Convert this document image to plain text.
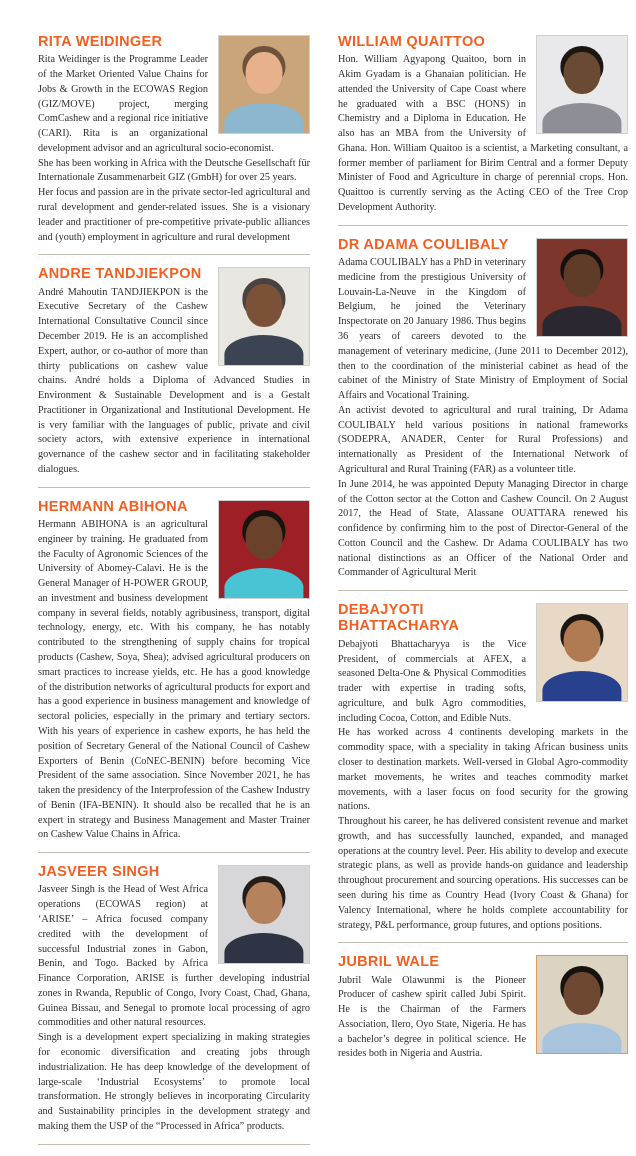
RITA WEIDINGER

Rita Weidinger is the Programme Leader of the Market Oriented Value Chains for Jobs & Growth in the ECOWAS Region (GIZ/MOVE) project, merging ComCashew and a regional rice initiative (CARI). Rita is an organizational development advisor and an agricultural socio-economist.

She has been working in Africa with the Deutsche Gesellschaft für Internationale Zusammenarbeit GIZ (GmbH) for over 25 years.

Her focus and passion are in the private sector-led agricultural and rural development and gender-related issues. She is a visionary leader and practitioner of pre-competitive private-public alliances and (youth) employment in agriculture and rural development

ANDRE TANDJIEKPON

André Mahoutin TANDJIEKPON is the Executive Secretary of the Cashew International Consultative Council since December 2019. He is an accomplished Expert, author, or co-author of more than thirty publications on cashew value chains. André holds a Diploma of Advanced Studies in Environment & Sustainable Development and is a Gestalt Practitioner in Organizational and Institutional Development. He is very familiar with the languages of public, private and civil society actors, with extensive experience in international governance of the cashew sector and in facilitating stakeholder dialogues.

HERMANN ABIHONA

Hermann ABIHONA is an agricultural engineer by training. He graduated from the Faculty of Agronomic Sciences of the University of Abomey-Calavi. He is the General Manager of H-POWER GROUP, an investment and business development company in several fields, notably agribusiness, transport, digital technology, energy, etc. With his company, he has notably contributed to the strengthening of supply chains for tropical products (Cashew, Soya, Shea); advised agricultural producers on smart practices to increase yields, etc. He has a good knowledge of the distribution networks of agricultural products for export and has a good experience in business management and knowledge of sectoral policies, especially in the primary and tertiary sectors. With his years of experience in cashew exports, he has held the position of Secretary General of the National Council of Cashew Exporters of Benin (CoNEC-BENIN) before becoming Vice President of the same association. Since November 2021, he has taken the presidency of the Interprofession of the Cashew Industry of Benin (IFA-BENIN). It should also be recalled that he is an expert in strategy and Business Management and Master Trainer on Cashew Value Chains in Africa.

JASVEER SINGH

Jasveer Singh is the Head of West Africa operations (ECOWAS region) at ‘ARISE’ – Africa focused company credited with the development of successful Industrial zones in Gabon, Benin, and Togo. Backed by Africa Finance Corporation, ARISE is further developing industrial zones in Rwanda, Republic of Congo, Ivory Coast, Chad, Ghana, Guinea Bissau, and Senegal to promote local processing of agro commodities and other natural resources.

Singh is a development expert specializing in making strategies for economic diversification and creating jobs through industrialization. He has deep knowledge of the development of large-scale ‘Industrial Ecosystems’ to promote local transformation. He strongly believes in incorporating Circularity and Sustainability principles in the development strategy and making them the USP of the “Processed in Africa” products.

WILLIAM QUAITTOO

Hon. William Agyapong Quaitoo, born in Akim Gyadam is a Ghanaian politician. He attended the University of Cape Coast where he graduated with a BSC (HONS) in Chemistry and a Diploma in Education. He also has an MBA from the University of Ghana. Hon. William Quaitoo is a scientist, a Marketing consultant, a former member of parliament for Birim Central and a former Deputy Minister of Food and Agriculture in charge of perennial crops. Hon. Quaittoo is currently serving as the Acting CEO of the Tree Crop Development Authority.

DR ADAMA COULIBALY

Adama COULIBALY has a PhD in veterinary medicine from the prestigious University of Louvain-La-Neuve in the Kingdom of Belgium, he joined the Veterinary Inspectorate on 20 January 1986. Thus begins 36 years of careers devoted to the management of veterinary medicine, (June 2011 to December 2012), then to the coordination of the ministerial cabinet as head of the cabinet of the Ministry of State Ministry of Employment of Social Affairs and Vocational Training.

An activist devoted to agricultural and rural training, Dr Adama COULIBALY held various positions in national frameworks (SODEPRA, ANADER, Center for Rural Professions) and internationally as President of the International Network of Agricultural and Rural Training (FAR) as a volunteer title.

In June 2014, he was appointed Deputy Managing Director in charge of the Cotton sector at the Cotton and Cashew Council. On 2 August 2017, the Head of State, Alassane OUATTARA renewed his confidence by confirming him to the post of Director-General of the Cotton Council and the Cashew. Dr Adama COULIBALY has two national distinctions as an Officer of the National Order and Commander of Agricultural Merit

DEBAJYOTI BHATTACHARYA

Debajyoti Bhattacharyya is the Vice President, of commercials at AFEX, a seasoned Delta-One & Physical Commodities trader with expertise in trading softs, agriculture, and bulk Agro commodities, including Cocoa, Cotton, and Edible Nuts.

He has worked across 4 continents developing markets in the commodity space, with a speciality in taking African business units closer to destination markets. Well-versed in Global Agro-commodity market movements, he writes and teaches commodity market movements, with a laser focus on food security for the growing nations.

Throughout his career, he has delivered consistent revenue and market growth, and has successfully launched, expanded, and managed operations at the country level. Peer. His ability to develop and execute strategic plans, as well as provide hands-on guidance and leadership throughout procurement and sourcing operations. His successes can be seen during his time as Country Head (Ivory Coast & Ghana) for Valency International, where he holds complete accountability for strategy, P&L performance, group futures, and options positions.

JUBRIL WALE

Jubril Wale Olawunmi is the Pioneer Producer of cashew spirit called Jubi Spirit. He is the Chairman of the Farmers Association, Ilero, Oyo State, Nigeria. He has a bachelor’s degree in political science. He resides both in Nigeria and Austria.
